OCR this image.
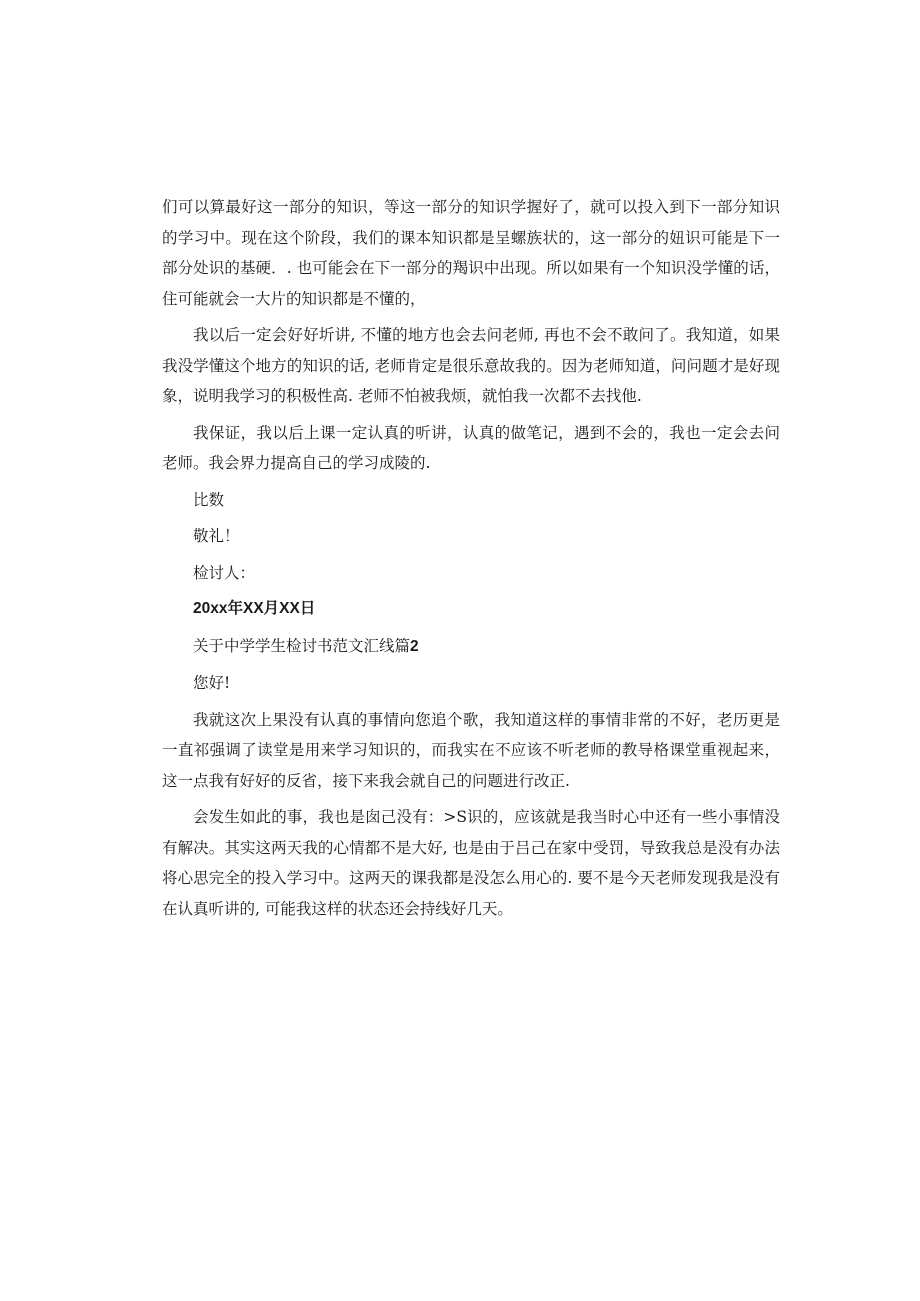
们可以算最好这一部分的知识，等这一部分的知识学握好了，就可以投入到下一部分知识的学习中。现在这个阶段，我们的课本知识都是呈螺族状的，这一部分的妞识可能是下一部分处识的基硬．. 也可能会在下一部分的羯识中出现。所以如果有一个知识没学懂的话，住可能就会一大片的知识都是不懂的，

我以后一定会好好圻讲, 不懂的地方也会去问老师, 再也不会不敢问了。我知道，如果我没学懂这个地方的知识的话, 老师肯定是很乐意故我的。因为老师知道，问问题才是好现象，说明我学习的积极性高. 老师不怕被我烦，就怕我一次都不去找他.

我保证，我以后上课一定认真的听讲，认真的做笔记，遇到不会的，我也一定会去问老师。我会界力提高自己的学习成陵的.

比数
敬礼！
检讨人：
20xx年XX月XX日
关于中学学生检讨书范文汇线篇2
您好!

我就这次上果没有认真的事情向您追个歌，我知道这样的事情非常的不好，老历更是一直祁强调了读堂是用来学习知识的，而我实在不应该不听老师的教导格课堂重视起来，这一点我有好好的反省，接下来我会就自己的问题进行改正.

会发生如此的事，我也是囱己没有：>S识的，应该就是我当时心中还有一些小事情没有解决。其实这两天我的心情都不是大好, 也是由于吕己在家中受罚，导致我总是没有办法将心思完全的投入学习中。这两天的课我都是没怎么用心的. 要不是今天老师发现我是没有在认真听讲的, 可能我这样的状态还会持线好几天。
